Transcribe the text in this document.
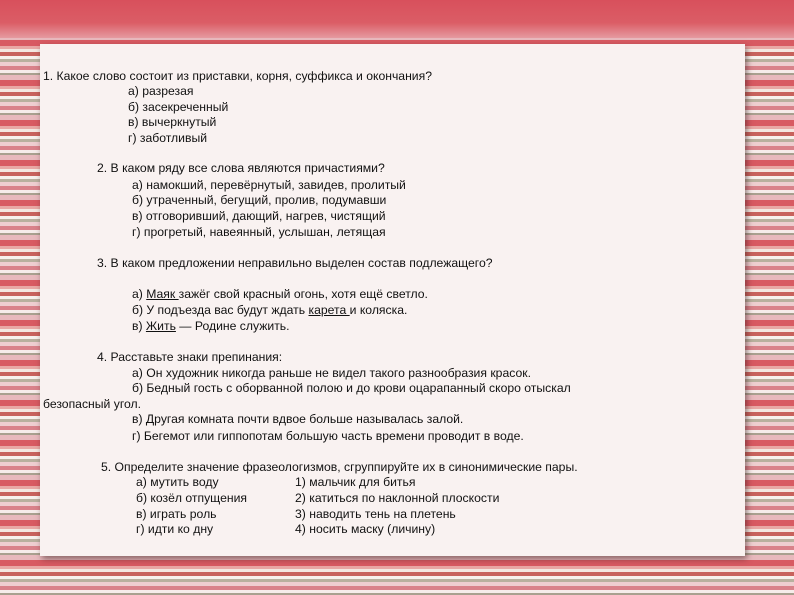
1. Какое слово состоит из приставки, корня, суффикса и окончания?
а) разрезая
б) засекреченный
в) вычеркнутый
г) заботливый
2. В каком ряду все слова являются причастиями?
а) намокший, перевёрнутый, завидев, пролитый
б) утраченный, бегущий, пролив, подумавши
в) отговоривший, дающий, нагрев, чистящий
г) прогретый, навеянный, услышан, летящая
3. В каком предложении неправильно выделен состав подлежащего?
а) Маяк зажёг свой красный огонь, хотя ещё светло.
б) У подъезда вас будут ждать карета и коляска.
в) Жить — Родине служить.
4. Расставьте знаки препинания:
а) Он художник никогда раньше не видел такого разнообразия красок.
б) Бедный гость с оборванной полою и до крови оцарапанный скоро отыскал
безопасный угол.
в) Другая комната почти вдвое больше называлась залой.
г) Бегемот или гиппопотам большую часть времени проводит в воде.
5. Определите значение фразеологизмов, сгруппируйте их в синонимические пары.
а) мутить воду
б) козёл отпущения
в) играть роль
г) идти ко дну
1) мальчик для битья
2) катиться по наклонной плоскости
3) наводить тень на плетень
4) носить маску (личину)
